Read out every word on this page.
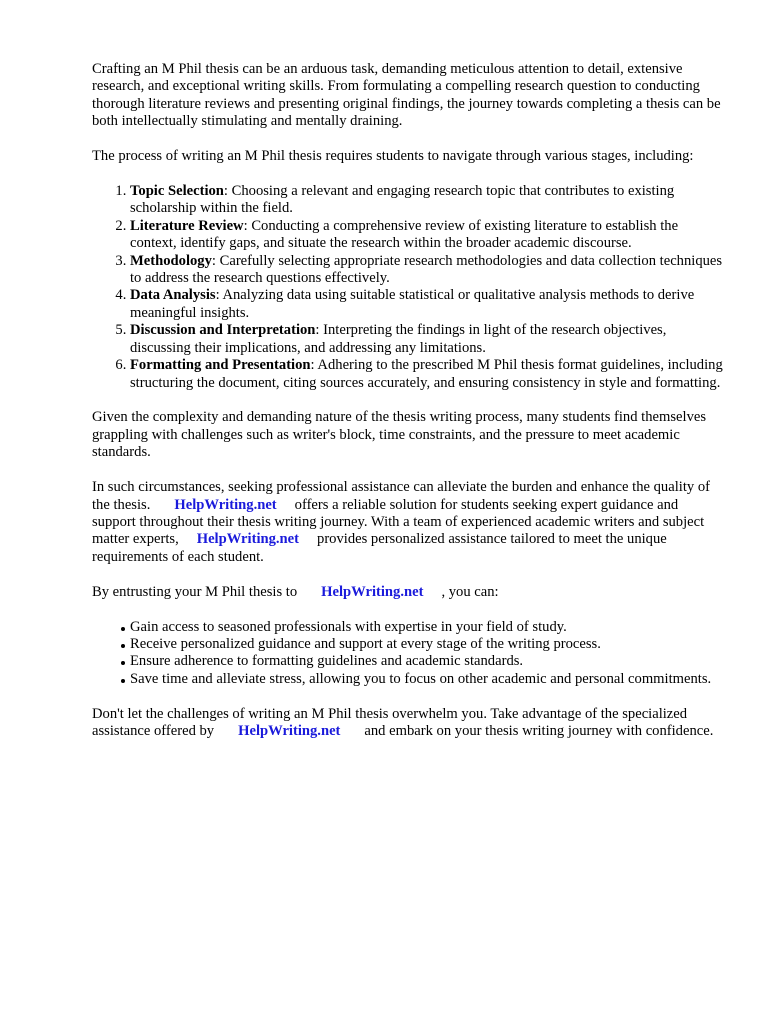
Crafting an M Phil thesis can be an arduous task, demanding meticulous attention to detail, extensive research, and exceptional writing skills. From formulating a compelling research question to conducting thorough literature reviews and presenting original findings, the journey towards completing a thesis can be both intellectually stimulating and mentally draining.

The process of writing an M Phil thesis requires students to navigate through various stages, including:

1. Topic Selection: Choosing a relevant and engaging research topic that contributes to existing scholarship within the field.
2. Literature Review: Conducting a comprehensive review of existing literature to establish the context, identify gaps, and situate the research within the broader academic discourse.
3. Methodology: Carefully selecting appropriate research methodologies and data collection techniques to address the research questions effectively.
4. Data Analysis: Analyzing data using suitable statistical or qualitative analysis methods to derive meaningful insights.
5. Discussion and Interpretation: Interpreting the findings in light of the research objectives, discussing their implications, and addressing any limitations.
6. Formatting and Presentation: Adhering to the prescribed M Phil thesis format guidelines, including structuring the document, citing sources accurately, and ensuring consistency in style and formatting.

Given the complexity and demanding nature of the thesis writing process, many students find themselves grappling with challenges such as writer's block, time constraints, and the pressure to meet academic standards.

In such circumstances, seeking professional assistance can alleviate the burden and enhance the quality of the thesis. HelpWriting.net offers a reliable solution for students seeking expert guidance and support throughout their thesis writing journey. With a team of experienced academic writers and subject matter experts, HelpWriting.net provides personalized assistance tailored to meet the unique requirements of each student.

By entrusting your M Phil thesis to HelpWriting.net , you can:

Gain access to seasoned professionals with expertise in your field of study.
Receive personalized guidance and support at every stage of the writing process.
Ensure adherence to formatting guidelines and academic standards.
Save time and alleviate stress, allowing you to focus on other academic and personal commitments.

Don't let the challenges of writing an M Phil thesis overwhelm you. Take advantage of the specialized assistance offered by HelpWriting.net and embark on your thesis writing journey with confidence.
